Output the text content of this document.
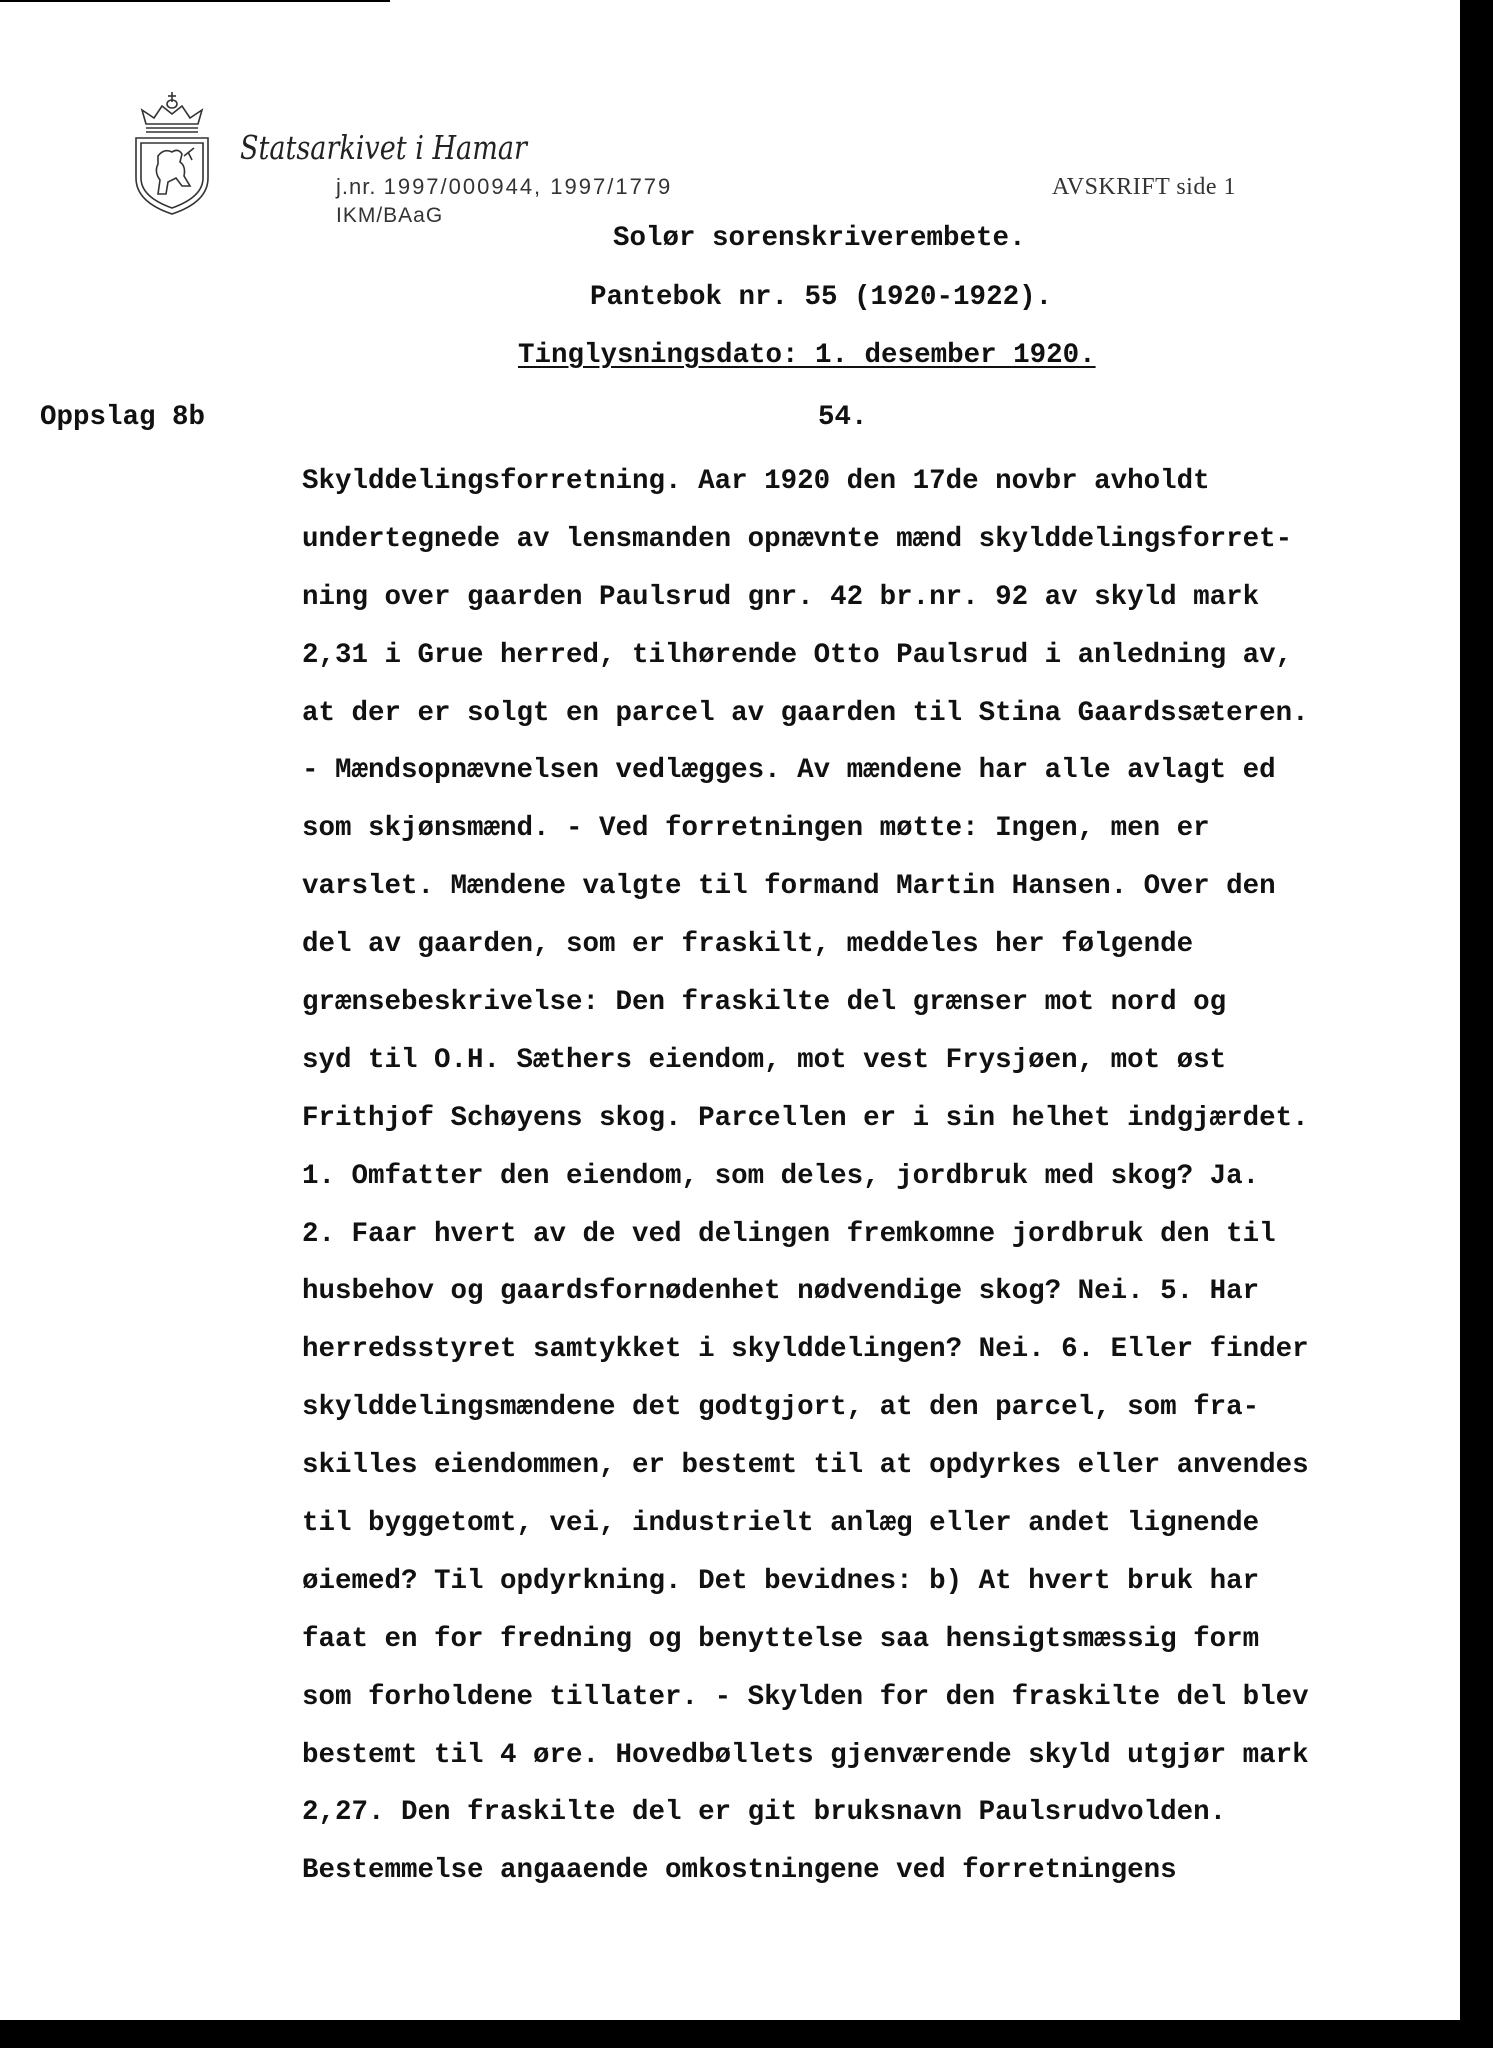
Statsarkivet i Hamar
j.nr. 1997/000944, 1997/1779
IKM/BAaG
AVSKRIFT side 1
Solør sorenskriverembete.
Pantebok nr. 55 (1920-1922).
Tinglysningsdato: 1. desember 1920.
Oppslag 8b	54.
Skylddelingsforretning. Aar 1920 den 17de novbr avholdt
undertegnede av lensmanden opnævnte mænd skylddelingsforret-
ning over gaarden Paulsrud gnr. 42 br.nr. 92 av skyld mark
2,31 i Grue herred, tilhørende Otto Paulsrud i anledning av,
at der er solgt en parcel av gaarden til Stina Gaardssæteren.
- Mændsopnævnelsen vedlægges. Av mændene har alle avlagt ed
som skjønsmænd. - Ved forretningen møtte: Ingen, men er
varslet. Mændene valgte til formand Martin Hansen. Over den
del av gaarden, som er fraskilt, meddeles her følgende
grænsebeskrivelse: Den fraskilte del grænser mot nord og
syd til O.H. Sæthers eiendom, mot vest Frysjøen, mot øst
Frithjof Schøyens skog. Parcellen er i sin helhet indgjærdet.
1. Omfatter den eiendom, som deles, jordbruk med skog? Ja.
2. Faar hvert av de ved delingen fremkomne jordbruk den til
husbehov og gaardsfornødenhet nødvendige skog? Nei. 5. Har
herredsstyret samtykket i skylddelingen? Nei. 6. Eller finder
skylddelingsmændene det godtgjort, at den parcel, som fra-
skilles eiendommen, er bestemt til at opdyrkes eller anvendes
til byggetomt, vei, industrielt anlæg eller andet lignende
øiemed? Til opdyrkning. Det bevidnes: b) At hvert bruk har
faat en for fredning og benyttelse saa hensigtsmæssig form
som forholdene tillater. - Skylden for den fraskilte del blev
bestemt til 4 øre. Hovedbøllets gjenværende skyld utgjør mark
2,27. Den fraskilte del er git bruksnavn Paulsrudvolden.
Bestemmelse angaaende omkostningene ved forretningens
